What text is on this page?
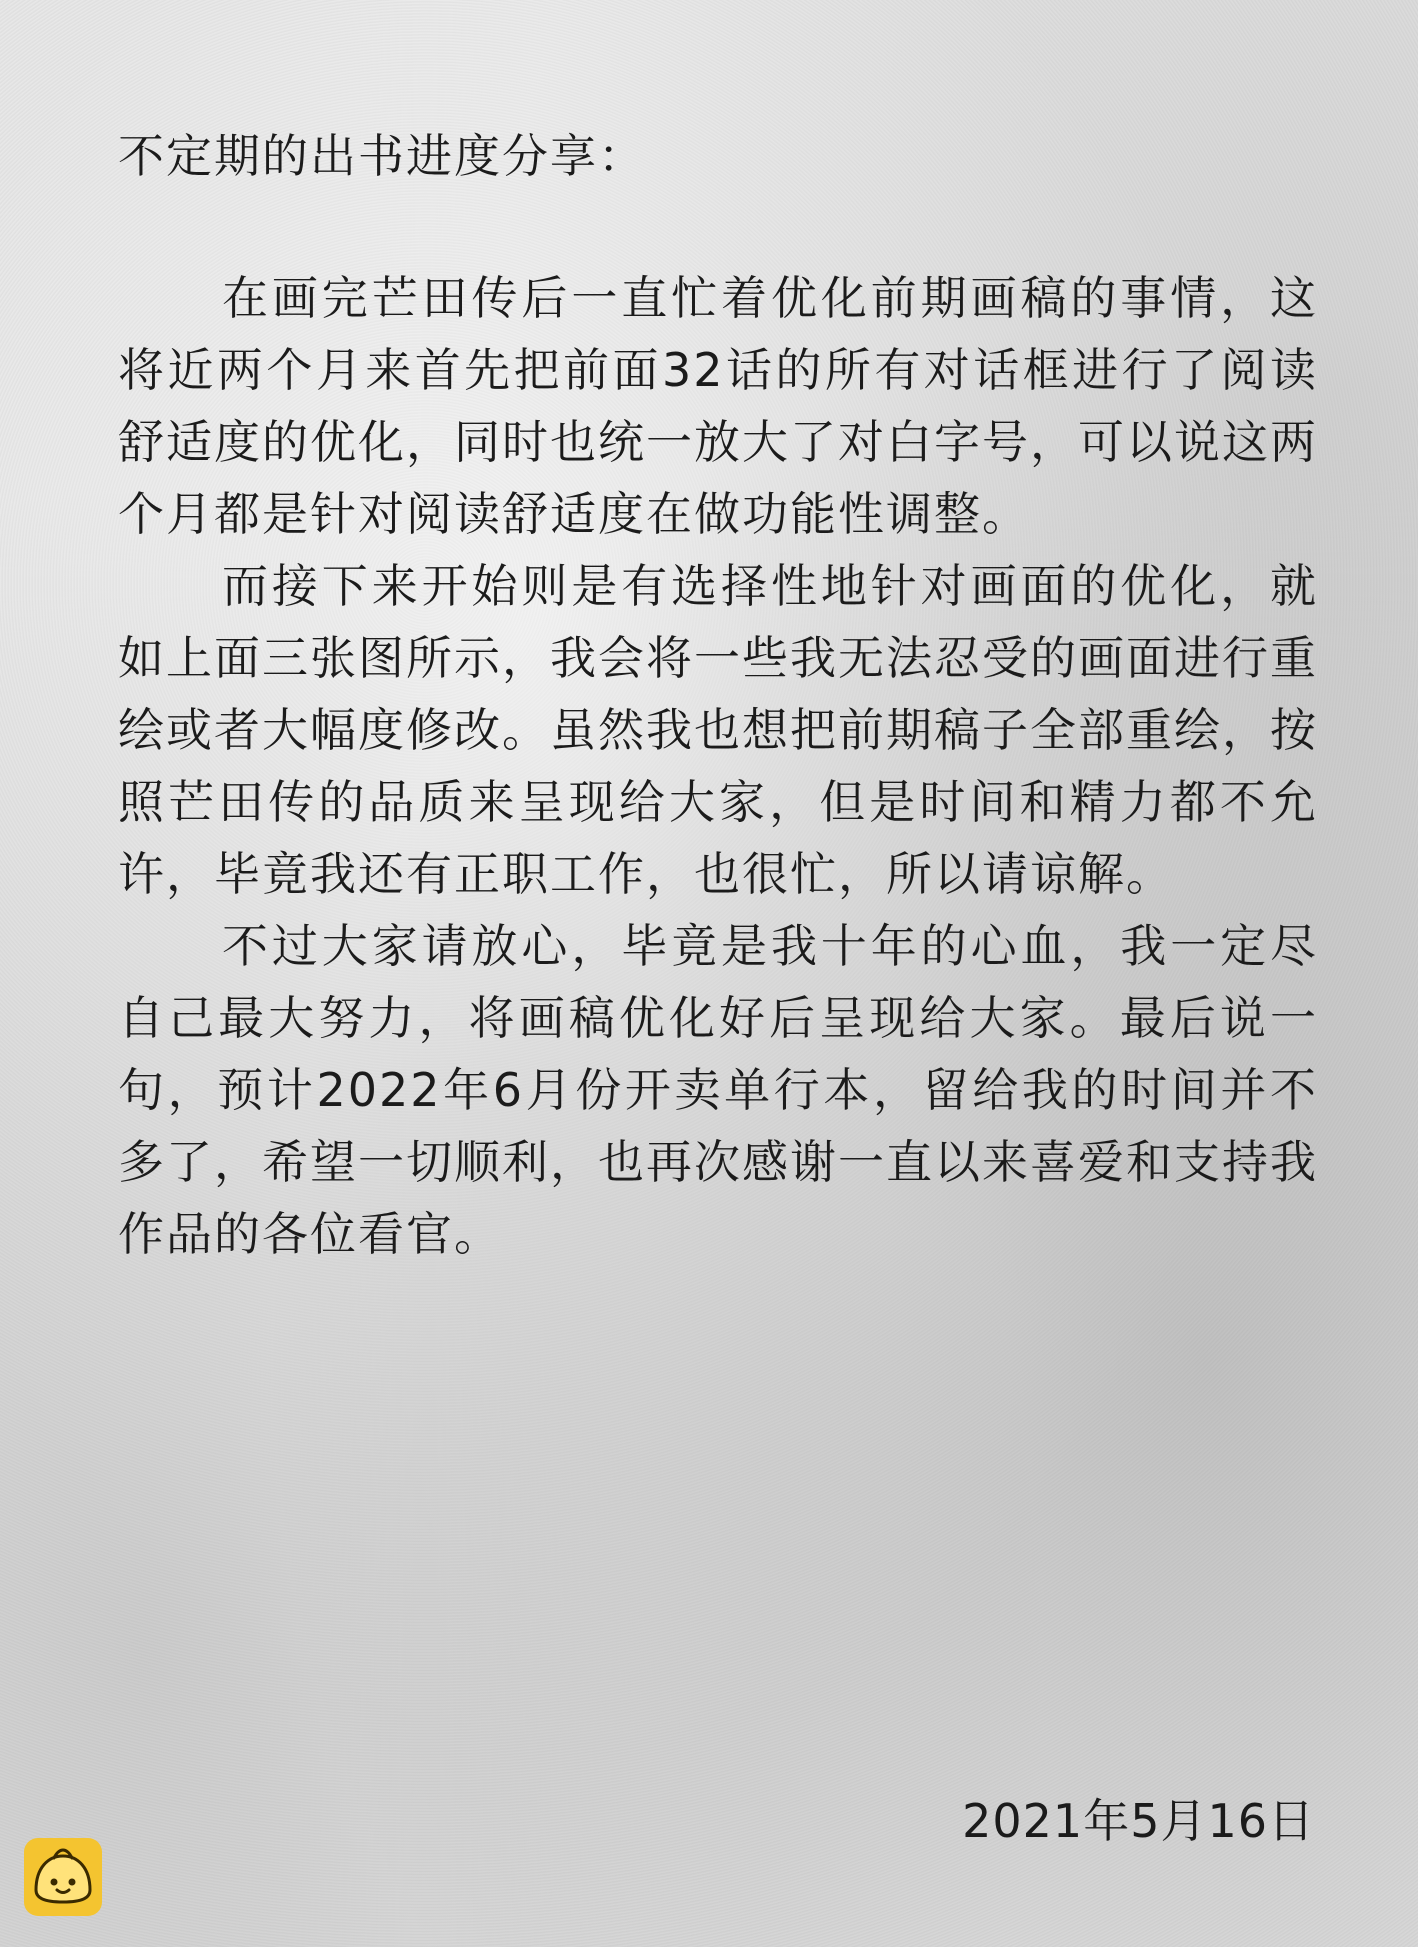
不定期的出书进度分享：

在画完芒田传后一直忙着优化前期画稿的事情，这将近两个月来首先把前面32话的所有对话框进行了阅读舒适度的优化，同时也统一放大了对白字号，可以说这两个月都是针对阅读舒适度在做功能性调整。

而接下来开始则是有选择性地针对画面的优化，就如上面三张图所示，我会将一些我无法忍受的画面进行重绘或者大幅度修改。虽然我也想把前期稿子全部重绘，按照芒田传的品质来呈现给大家，但是时间和精力都不允许，毕竟我还有正职工作，也很忙，所以请谅解。

不过大家请放心，毕竟是我十年的心血，我一定尽自己最大努力，将画稿优化好后呈现给大家。最后说一句，预计2022年6月份开卖单行本，留给我的时间并不多了，希望一切顺利，也再次感谢一直以来喜爱和支持我作品的各位看官。

2021年5月16日
